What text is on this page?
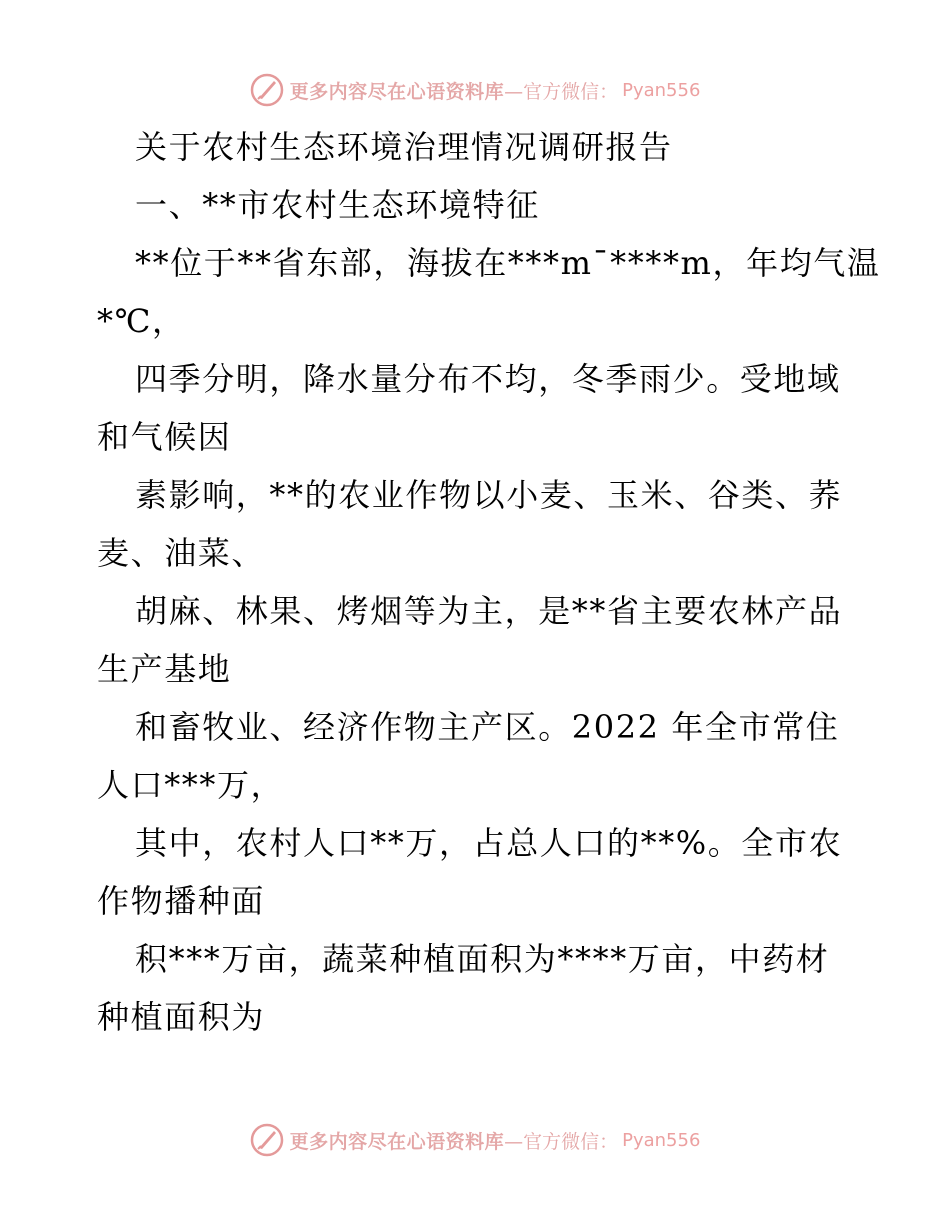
更多内容尽在心语资料库 —官方微信： Pyan556
关于农村生态环境治理情况调研报告
一、**市农村生态环境特征
**位于**省东部，海拔在***m¯****m，年均气温
*℃，
四季分明，降水量分布不均，冬季雨少。受地域
和气候因
素影响，**的农业作物以小麦、玉米、谷类、荞
麦、油菜、
胡麻、林果、烤烟等为主，是**省主要农林产品
生产基地
和畜牧业、经济作物主产区。2022 年全市常住
人口***万，
其中，农村人口**万，占总人口的**%。全市农
作物播种面
积***万亩，蔬菜种植面积为****万亩，中药材
种植面积为
更多内容尽在心语资料库 —官方微信： Pyan556
